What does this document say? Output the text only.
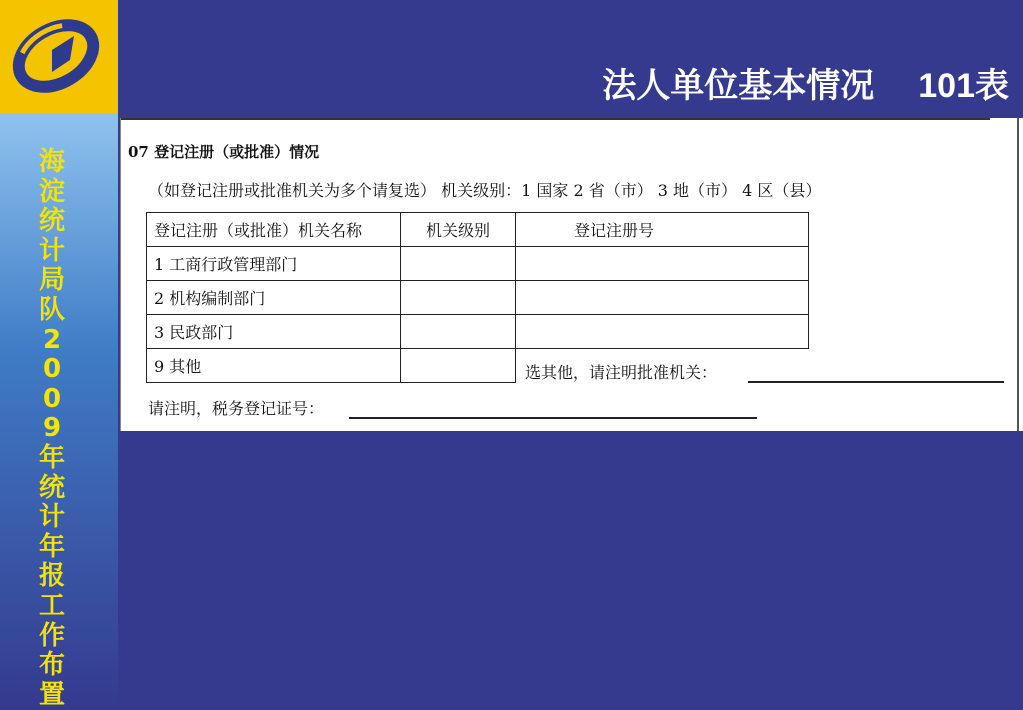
海
淀
统
计
局
队
2
0
0
9
年
统
计
年
报
工
作
布
置
法人单位基本情况 101表
07 登记注册（或批准）情况
（如登记注册或批准机关为多个请复选） 机关级别：1 国家 2 省（市） 3 地（市） 4 区（县）
登记注册（或批准）机关名称	机关级别	登记注册号
1 工商行政管理部门		
2 机构编制部门		
3 民政部门		
9 其他			选其他，请注明批准机关：
请注明，税务登记证号：
